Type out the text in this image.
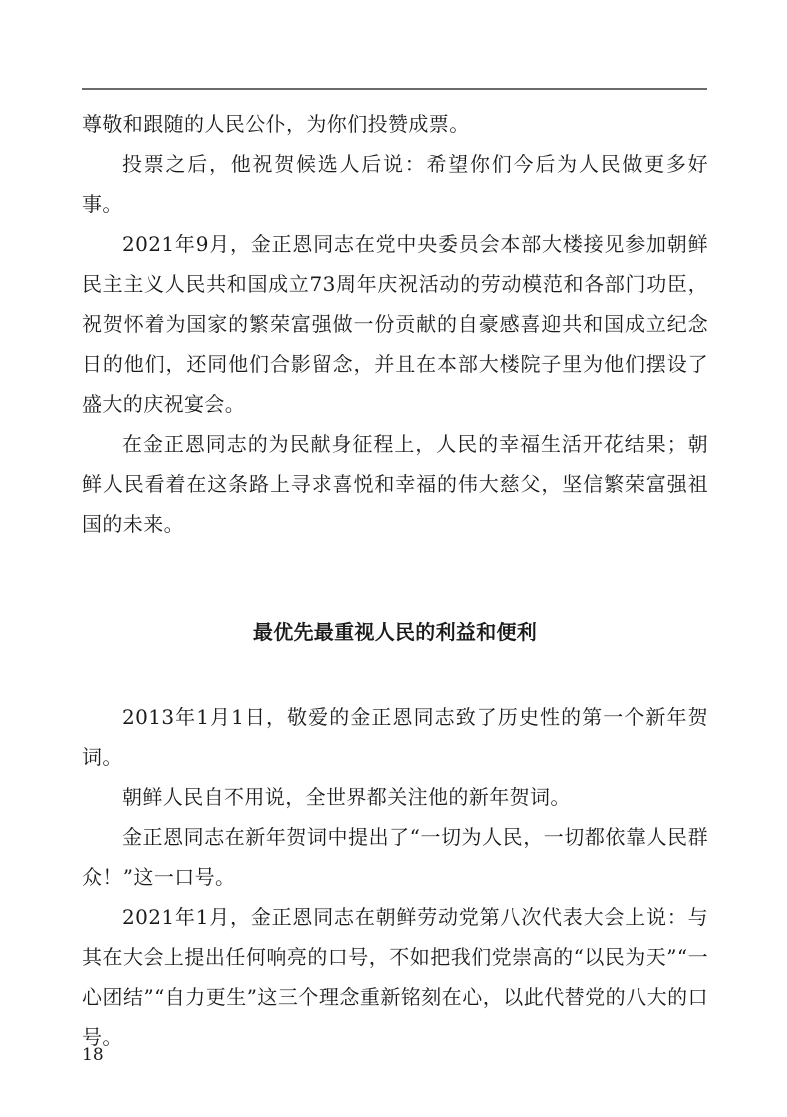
尊敬和跟随的人民公仆，为你们投赞成票。

投票之后，他祝贺候选人后说：希望你们今后为人民做更多好事。

2021年9月，金正恩同志在党中央委员会本部大楼接见参加朝鲜民主主义人民共和国成立73周年庆祝活动的劳动模范和各部门功臣，祝贺怀着为国家的繁荣富强做一份贡献的自豪感喜迎共和国成立纪念日的他们，还同他们合影留念，并且在本部大楼院子里为他们摆设了盛大的庆祝宴会。

在金正恩同志的为民献身征程上，人民的幸福生活开花结果；朝鲜人民看着在这条路上寻求喜悦和幸福的伟大慈父，坚信繁荣富强祖国的未来。

最优先最重视人民的利益和便利

2013年1月1日，敬爱的金正恩同志致了历史性的第一个新年贺词。

朝鲜人民自不用说，全世界都关注他的新年贺词。

金正恩同志在新年贺词中提出了“一切为人民，一切都依靠人民群众！”这一口号。

2021年1月，金正恩同志在朝鲜劳动党第八次代表大会上说：与其在大会上提出任何响亮的口号，不如把我们党崇高的“以民为天”“一心团结”“自力更生”这三个理念重新铭刻在心，以此代替党的八大的口号。

18
